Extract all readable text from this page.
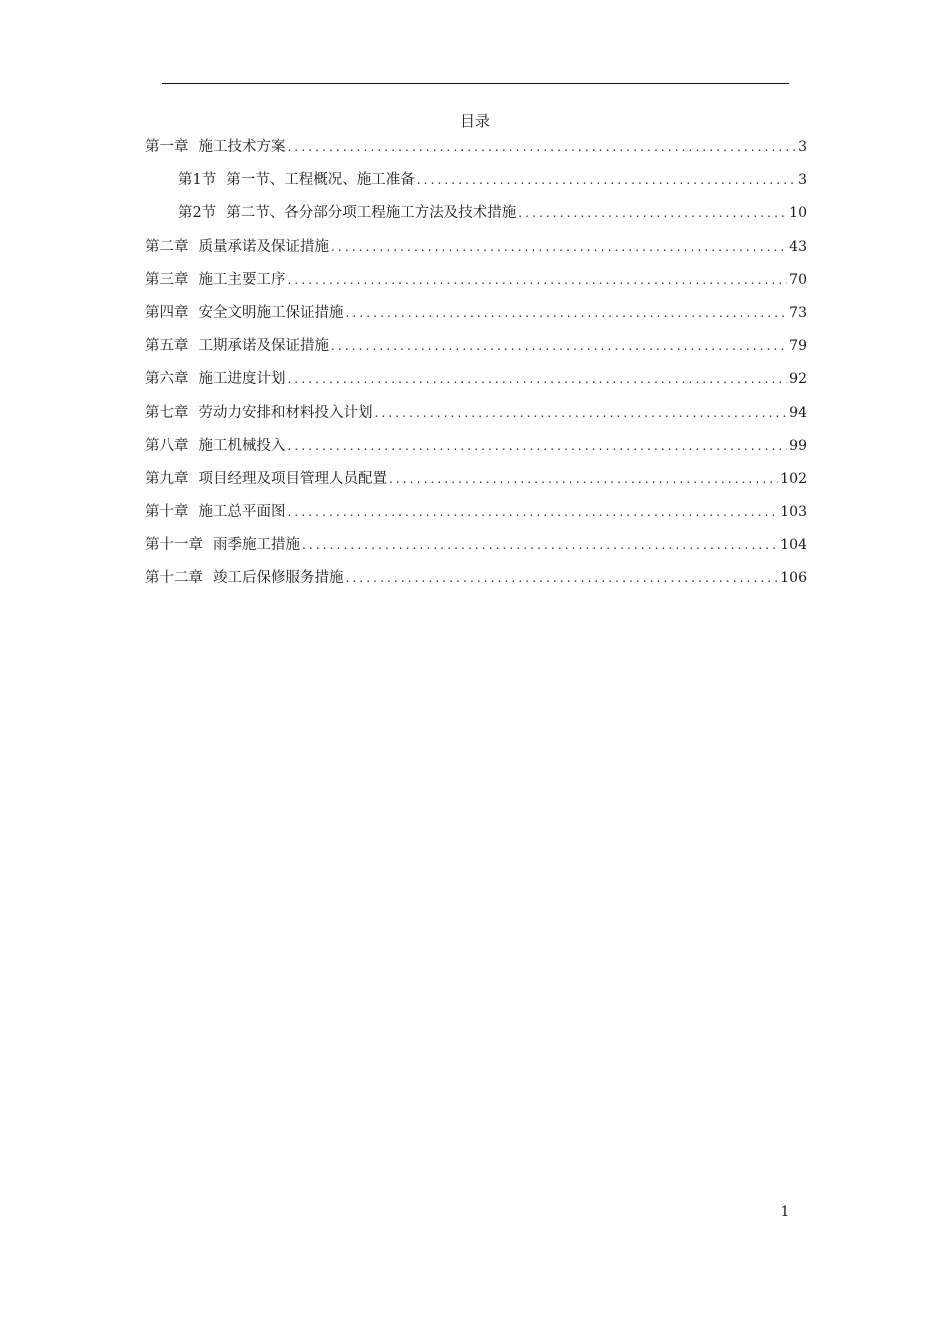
目录
第一章 施工技术方案 .....	3
第1节 第一节、工程概况、施工准备 .....	3
第2节 第二节、各分部分项工程施工方法及技术措施 .....	10
第二章 质量承诺及保证措施 .....	43
第三章 施工主要工序 .....	70
第四章 安全文明施工保证措施 .....	73
第五章 工期承诺及保证措施 .....	79
第六章 施工进度计划 .....	92
第七章 劳动力安排和材料投入计划 .....	94
第八章 施工机械投入 .....	99
第九章 项目经理及项目管理人员配置 .....	102
第十章 施工总平面图 .....	103
第十一章 雨季施工措施 .....	104
第十二章 竣工后保修服务措施 .....	106
1
